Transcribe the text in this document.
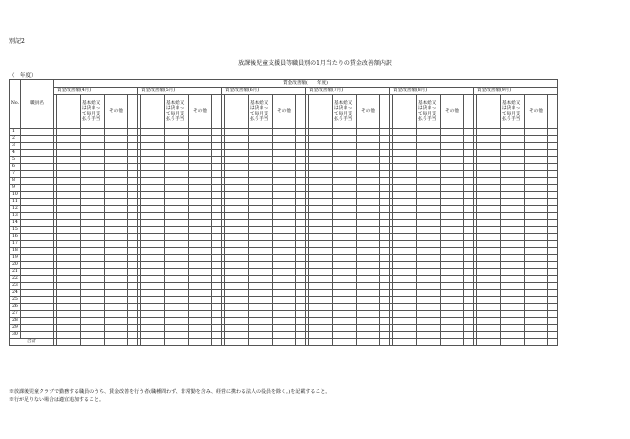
別記2
放課後児童支援員等職員別の1月当たりの賃金改善額内訳
（　年度）
No.	職員名	賃金改善額(　　年度)																													
		賃金改善額(4月)					賃金改善額(5月)					賃金改善額(6月)					賃金改善額(7月)					賃金改善額(8月)					賃金改善額(9月)				
				基本給又は決まって毎月支払う手当	その他				基本給又は決まって毎月支払う手当	その他				基本給又は決まって毎月支払う手当	その他				基本給又は決まって毎月支払う手当	その他				基本給又は決まって毎月支払う手当	その他				基本給又は決まって毎月支払う手当	その他	
1																															
2																															
3																															
4																															
5																															
6																															
7																															
8																															
9																															
10																															
11																															
12																															
13																															
14																															
15																															
16																															
17																															
18																															
19																															
20																															
21																															
22																															
23																															
24																															
25																															
26																															
27																															
28																															
29																															
30																															
合計																															
※放課後児童クラブで勤務する職員のうち、賃金改善を行う者(職種問わず、非常勤を含み、経営に携わる法人の役員を除く。)を記載すること。
※行が足りない場合は適宜追加すること。
